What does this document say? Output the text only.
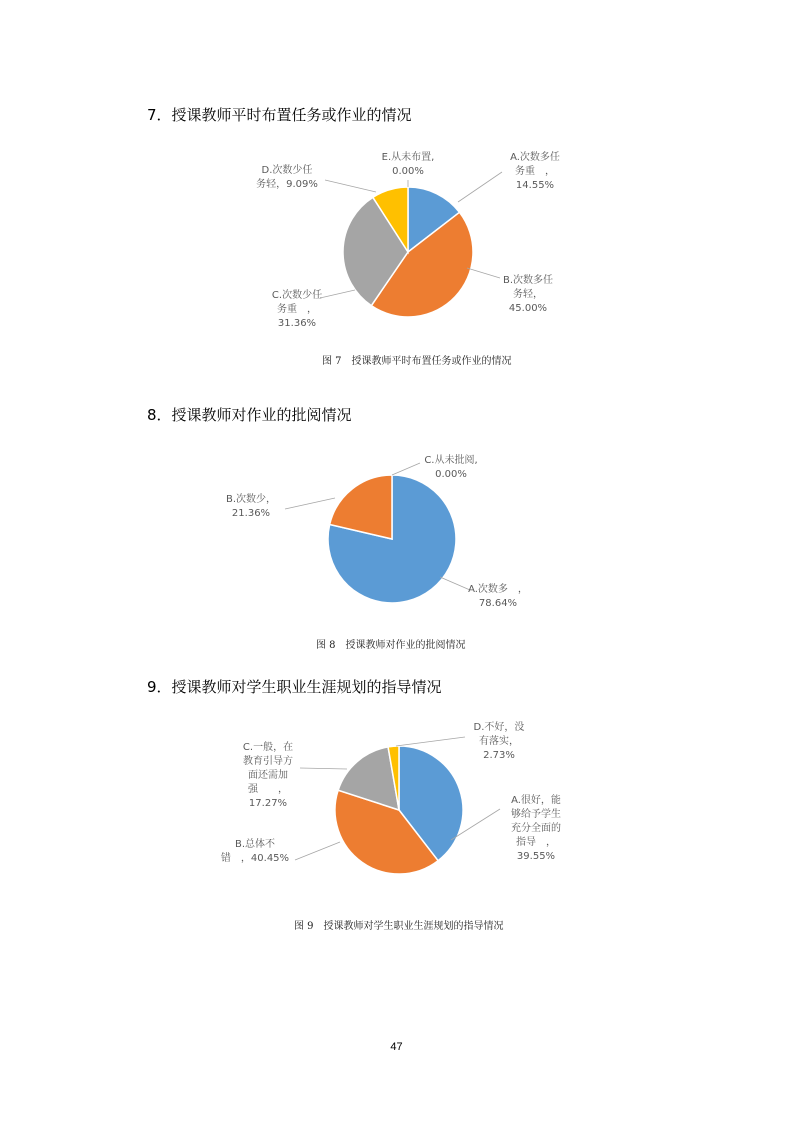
7．授课教师平时布置任务或作业的情况
A.次数多任务重　， 14.55%
B.次数多任务轻， 45.00%
C.次数少任务重　， 31.36%
D.次数少任务轻，9.09%
E.从未布置, 0.00%
图 7　授课教师平时布置任务或作业的情况
8．授课教师对作业的批阅情况
A.次数多　， 78.64%
B.次数少， 21.36%
C.从未批阅, 0.00%
图 8　授课教师对作业的批阅情况
9．授课教师对学生职业生涯规划的指导情况
A.很好，能够给予学生充分全面的指导　， 39.55%
B.总体不错　，40.45%
C.一般，在教育引导方面还需加强　　， 17.27%
D.不好，没有落实， 2.73%
图 9　授课教师对学生职业生涯规划的指导情况
47
